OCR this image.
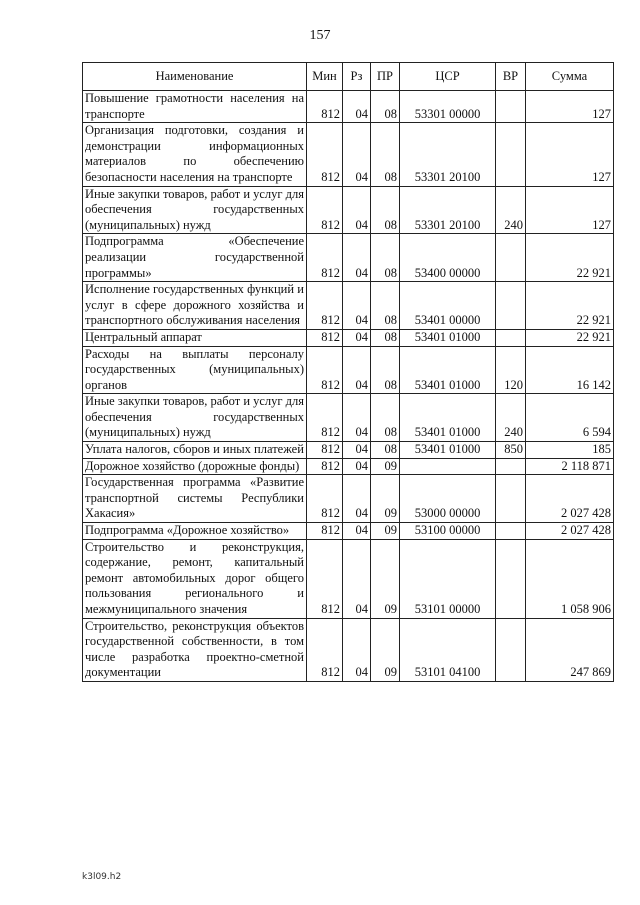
157
Наименование	Мин	Рз	ПР	ЦСР	ВР	Сумма
Повышение грамотности населения на транспорте	812	04	08	53301 00000		127
Организация подготовки, создания и демонстрации информационных материалов по обеспечению безопасности населения на транспорте	812	04	08	53301 20100		127
Иные закупки товаров, работ и услуг для обеспечения государственных (муниципальных) нужд	812	04	08	53301 20100	240	127
Подпрограмма «Обеспечение реализации государственной программы»	812	04	08	53400 00000		22 921
Исполнение государственных функций и услуг в сфере дорожного хозяйства и транспортного обслуживания населения	812	04	08	53401 00000		22 921
Центральный аппарат	812	04	08	53401 01000		22 921
Расходы на выплаты персоналу государственных (муниципальных) органов	812	04	08	53401 01000	120	16 142
Иные закупки товаров, работ и услуг для обеспечения государственных (муниципальных) нужд	812	04	08	53401 01000	240	6 594
Уплата налогов, сборов и иных платежей	812	04	08	53401 01000	850	185
Дорожное хозяйство (дорожные фонды)	812	04	09			2 118 871
Государственная программа «Развитие транспортной системы Республики Хакасия»	812	04	09	53000 00000		2 027 428
Подпрограмма «Дорожное хозяйство»	812	04	09	53100 00000		2 027 428
Строительство и реконструкция, содержание, ремонт, капитальный ремонт автомобильных дорог общего пользования регионального и межмуниципального значения	812	04	09	53101 00000		1 058 906
Строительство, реконструкция объектов государственной собственности, в том числе разработка проектно-сметной документации	812	04	09	53101 04100		247 869
k3l09.h2
